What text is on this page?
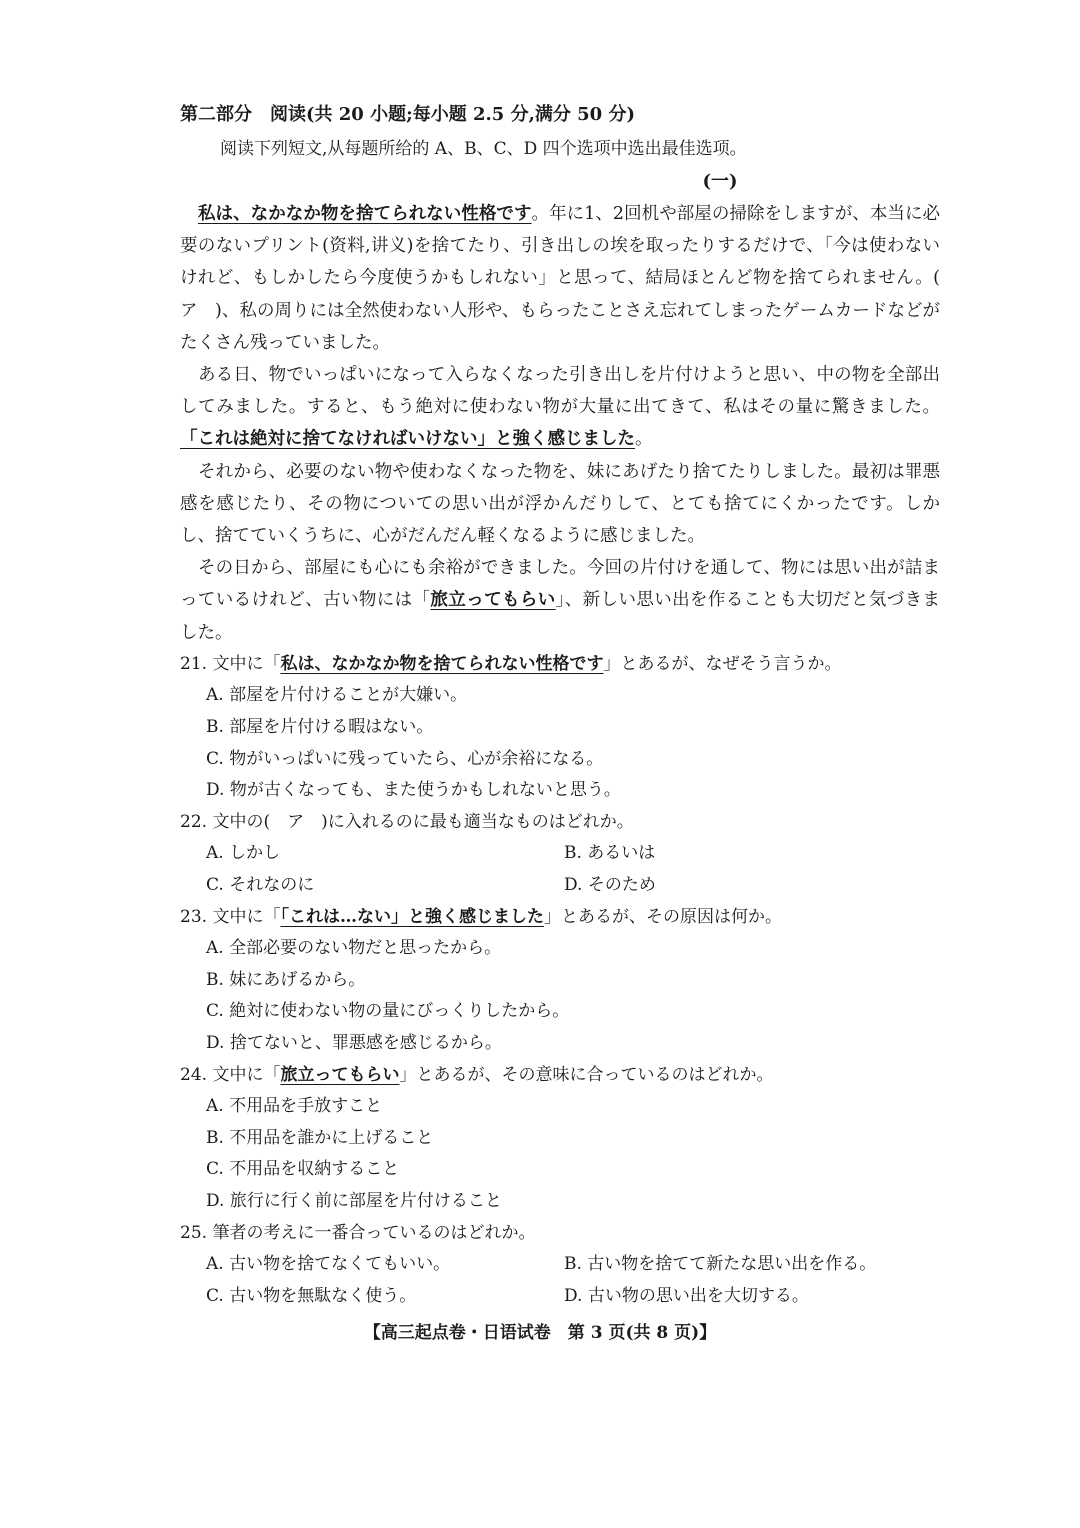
第二部分　阅读(共 20 小题;每小题 2.5 分,满分 50 分)
阅读下列短文,从每题所给的 A、B、C、D 四个选项中选出最佳选项。
(一)

私は、なかなか物を捨てられない性格です。年に1、2回机や部屋の掃除をしますが、本当に必要のないプリント(资料,讲义)を捨てたり、引き出しの埃を取ったりするだけで、「今は使わないけれど、もしかしたら今度使うかもしれない」と思って、結局ほとんど物を捨てられません。(　ア　)、私の周りには全然使わない人形や、もらったことさえ忘れてしまったゲームカードなどがたくさん残っていました。

ある日、物でいっぱいになって入らなくなった引き出しを片付けようと思い、中の物を全部出してみました。すると、もう絶対に使わない物が大量に出てきて、私はその量に驚きました。「これは絶対に捨てなければいけない」と強く感じました。

それから、必要のない物や使わなくなった物を、妹にあげたり捨てたりしました。最初は罪悪感を感じたり、その物についての思い出が浮かんだりして、とても捨てにくかったです。しかし、捨てていくうちに、心がだんだん軽くなるように感じました。

その日から、部屋にも心にも余裕ができました。今回の片付けを通して、物には思い出が詰まっているけれど、古い物には「旅立ってもらい」、新しい思い出を作ることも大切だと気づきました。

21. 文中に「私は、なかなか物を捨てられない性格です」とあるが、なぜそう言うか。
A. 部屋を片付けることが大嫌い。
B. 部屋を片付ける暇はない。
C. 物がいっぱいに残っていたら、心が余裕になる。
D. 物が古くなっても、また使うかもしれないと思う。
22. 文中の(　ア　)に入れるのに最も適当なものはどれか。
A. しかし	B. あるいは
C. それなのに	D. そのため
23. 文中に「「これは…ない」と強く感じました」とあるが、その原因は何か。
A. 全部必要のない物だと思ったから。
B. 妹にあげるから。
C. 絶対に使わない物の量にびっくりしたから。
D. 捨てないと、罪悪感を感じるから。
24. 文中に「旅立ってもらい」とあるが、その意味に合っているのはどれか。
A. 不用品を手放すこと
B. 不用品を誰かに上げること
C. 不用品を収納すること
D. 旅行に行く前に部屋を片付けること
25. 筆者の考えに一番合っているのはどれか。
A. 古い物を捨てなくてもいい。	B. 古い物を捨てて新たな思い出を作る。
C. 古い物を無駄なく使う。	D. 古い物の思い出を大切する。
【高三起点卷・日语试卷　第 3 页(共 8 页)】
